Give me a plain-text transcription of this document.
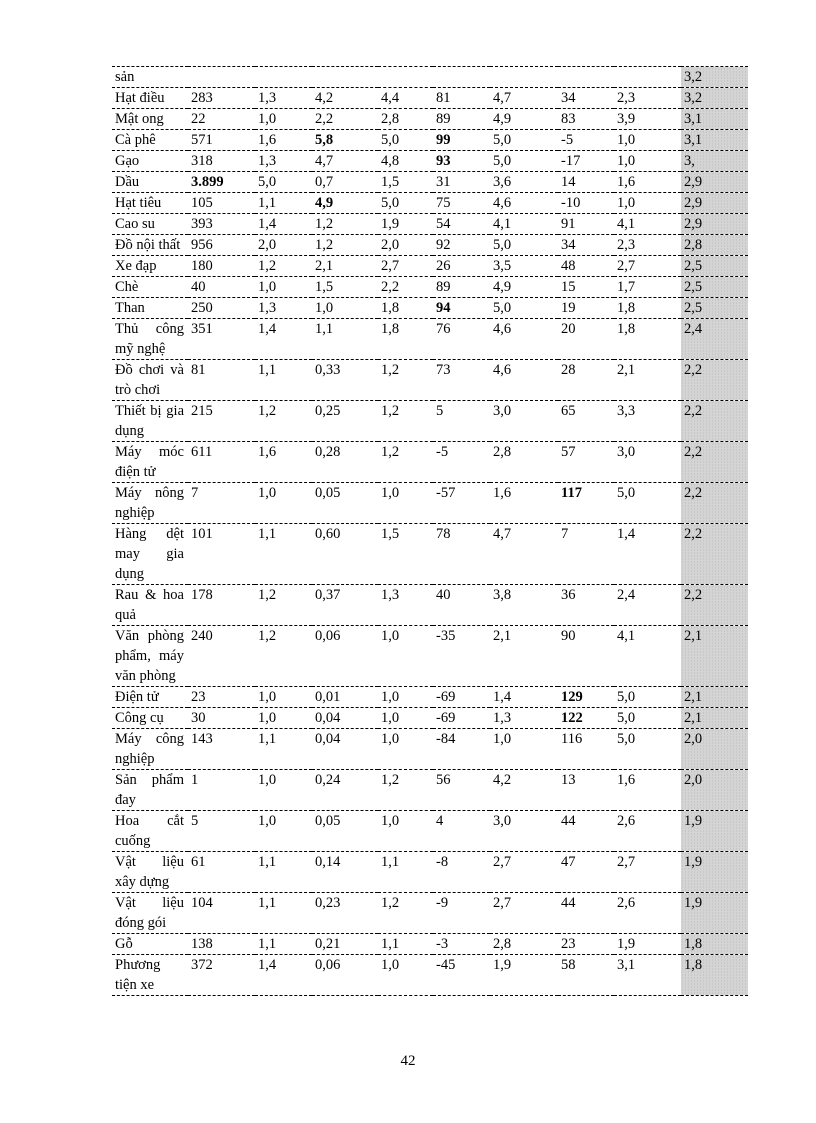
sản									3,2
Hạt điều	283	1,3	4,2	4,4	81	4,7	34	2,3	3,2
Mật ong	22	1,0	2,2	2,8	89	4,9	83	3,9	3,1
Cà phê	571	1,6	5,8	5,0	99	5,0	-5	1,0	3,1
Gạo	318	1,3	4,7	4,8	93	5,0	-17	1,0	3,
Dầu	3.899	5,0	0,7	1,5	31	3,6	14	1,6	2,9
Hạt tiêu	105	1,1	4,9	5,0	75	4,6	-10	1,0	2,9
Cao su	393	1,4	1,2	1,9	54	4,1	91	4,1	2,9
Đồ nội thất	956	2,0	1,2	2,0	92	5,0	34	2,3	2,8
Xe đạp	180	1,2	2,1	2,7	26	3,5	48	2,7	2,5
Chè	40	1,0	1,5	2,2	89	4,9	15	1,7	2,5
Than	250	1,3	1,0	1,8	94	5,0	19	1,8	2,5
Thủ công mỹ nghệ	351	1,4	1,1	1,8	76	4,6	20	1,8	2,4
Đồ chơi và trò chơi	81	1,1	0,33	1,2	73	4,6	28	2,1	2,2
Thiết bị gia dụng	215	1,2	0,25	1,2	5	3,0	65	3,3	2,2
Máy móc điện tử	611	1,6	0,28	1,2	-5	2,8	57	3,0	2,2
Máy nông nghiệp	7	1,0	0,05	1,0	-57	1,6	117	5,0	2,2
Hàng dệt may gia dụng	101	1,1	0,60	1,5	78	4,7	7	1,4	2,2
Rau & hoa quả	178	1,2	0,37	1,3	40	3,8	36	2,4	2,2
Văn phòng phẩm, máy văn phòng	240	1,2	0,06	1,0	-35	2,1	90	4,1	2,1
Điện tử	23	1,0	0,01	1,0	-69	1,4	129	5,0	2,1
Công cụ	30	1,0	0,04	1,0	-69	1,3	122	5,0	2,1
Máy công nghiệp	143	1,1	0,04	1,0	-84	1,0	116	5,0	2,0
Sản phẩm đay	1	1,0	0,24	1,2	56	4,2	13	1,6	2,0
Hoa cắt cuống	5	1,0	0,05	1,0	4	3,0	44	2,6	1,9
Vật liệu xây dựng	61	1,1	0,14	1,1	-8	2,7	47	2,7	1,9
Vật liệu đóng gói	104	1,1	0,23	1,2	-9	2,7	44	2,6	1,9
Gỗ	138	1,1	0,21	1,1	-3	2,8	23	1,9	1,8
Phương tiện xe	372	1,4	0,06	1,0	-45	1,9	58	3,1	1,8
42
